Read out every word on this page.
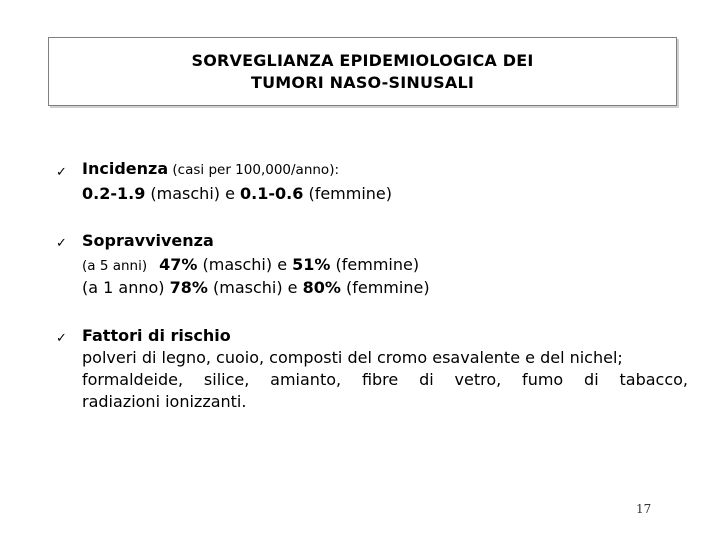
SORVEGLIANZA EPIDEMIOLOGICA DEI
TUMORI NASO-SINUSALI
✓ Incidenza (casi per 100,000/anno):
0.2-1.9 (maschi) e 0.1-0.6 (femmine)
✓ Sopravvivenza
(a 5 anni) 47% (maschi) e 51% (femmine)
(a 1 anno) 78% (maschi) e 80% (femmine)
✓ Fattori di rischio
polveri di legno, cuoio, composti del cromo esavalente e del nichel;
formaldeide, silice, amianto, fibre di vetro, fumo di tabacco,
radiazioni ionizzanti.
17
